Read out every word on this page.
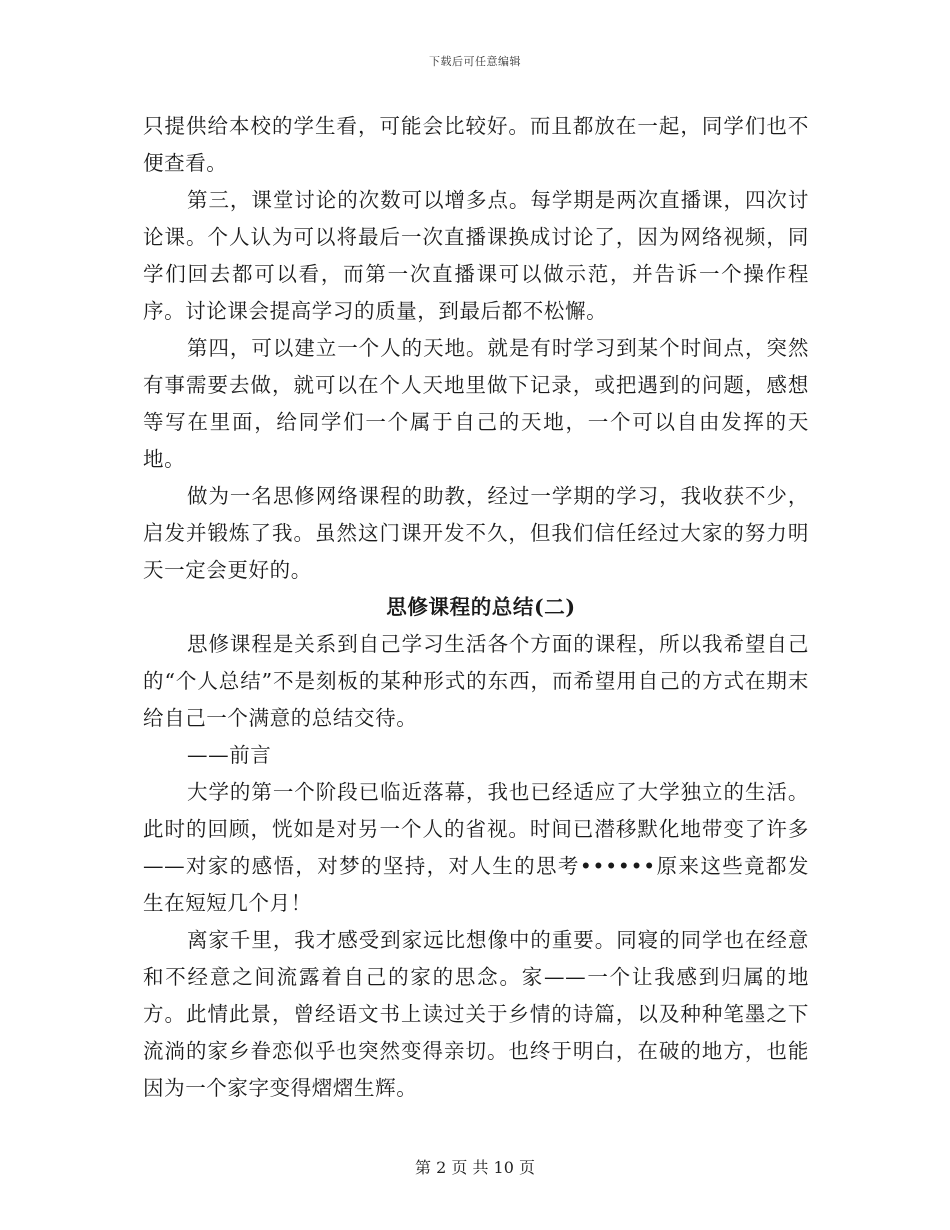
下载后可任意编辑

只提供给本校的学生看，可能会比较好。而且都放在一起，同学们也不便查看。

第三，课堂讨论的次数可以增多点。每学期是两次直播课，四次讨论课。个人认为可以将最后一次直播课换成讨论了，因为网络视频，同学们回去都可以看，而第一次直播课可以做示范，并告诉一个操作程序。讨论课会提高学习的质量，到最后都不松懈。

第四，可以建立一个人的天地。就是有时学习到某个时间点，突然有事需要去做，就可以在个人天地里做下记录，或把遇到的问题，感想等写在里面，给同学们一个属于自己的天地，一个可以自由发挥的天地。

做为一名思修网络课程的助教，经过一学期的学习，我收获不少，启发并锻炼了我。虽然这门课开发不久，但我们信任经过大家的努力明天一定会更好的。

思修课程的总结(二)

思修课程是关系到自己学习生活各个方面的课程，所以我希望自己的“个人总结”不是刻板的某种形式的东西，而希望用自己的方式在期末给自己一个满意的总结交待。

——前言

大学的第一个阶段已临近落幕，我也已经适应了大学独立的生活。此时的回顾，恍如是对另一个人的省视。时间已潜移默化地带变了许多——对家的感悟，对梦的坚持，对人生的思考••••••原来这些竟都发生在短短几个月！

离家千里，我才感受到家远比想像中的重要。同寝的同学也在经意和不经意之间流露着自己的家的思念。家——一个让我感到归属的地方。此情此景，曾经语文书上读过关于乡情的诗篇，以及种种笔墨之下流淌的家乡眷恋似乎也突然变得亲切。也终于明白，在破的地方，也能因为一个家字变得熠熠生辉。

第 2 页 共 10 页
